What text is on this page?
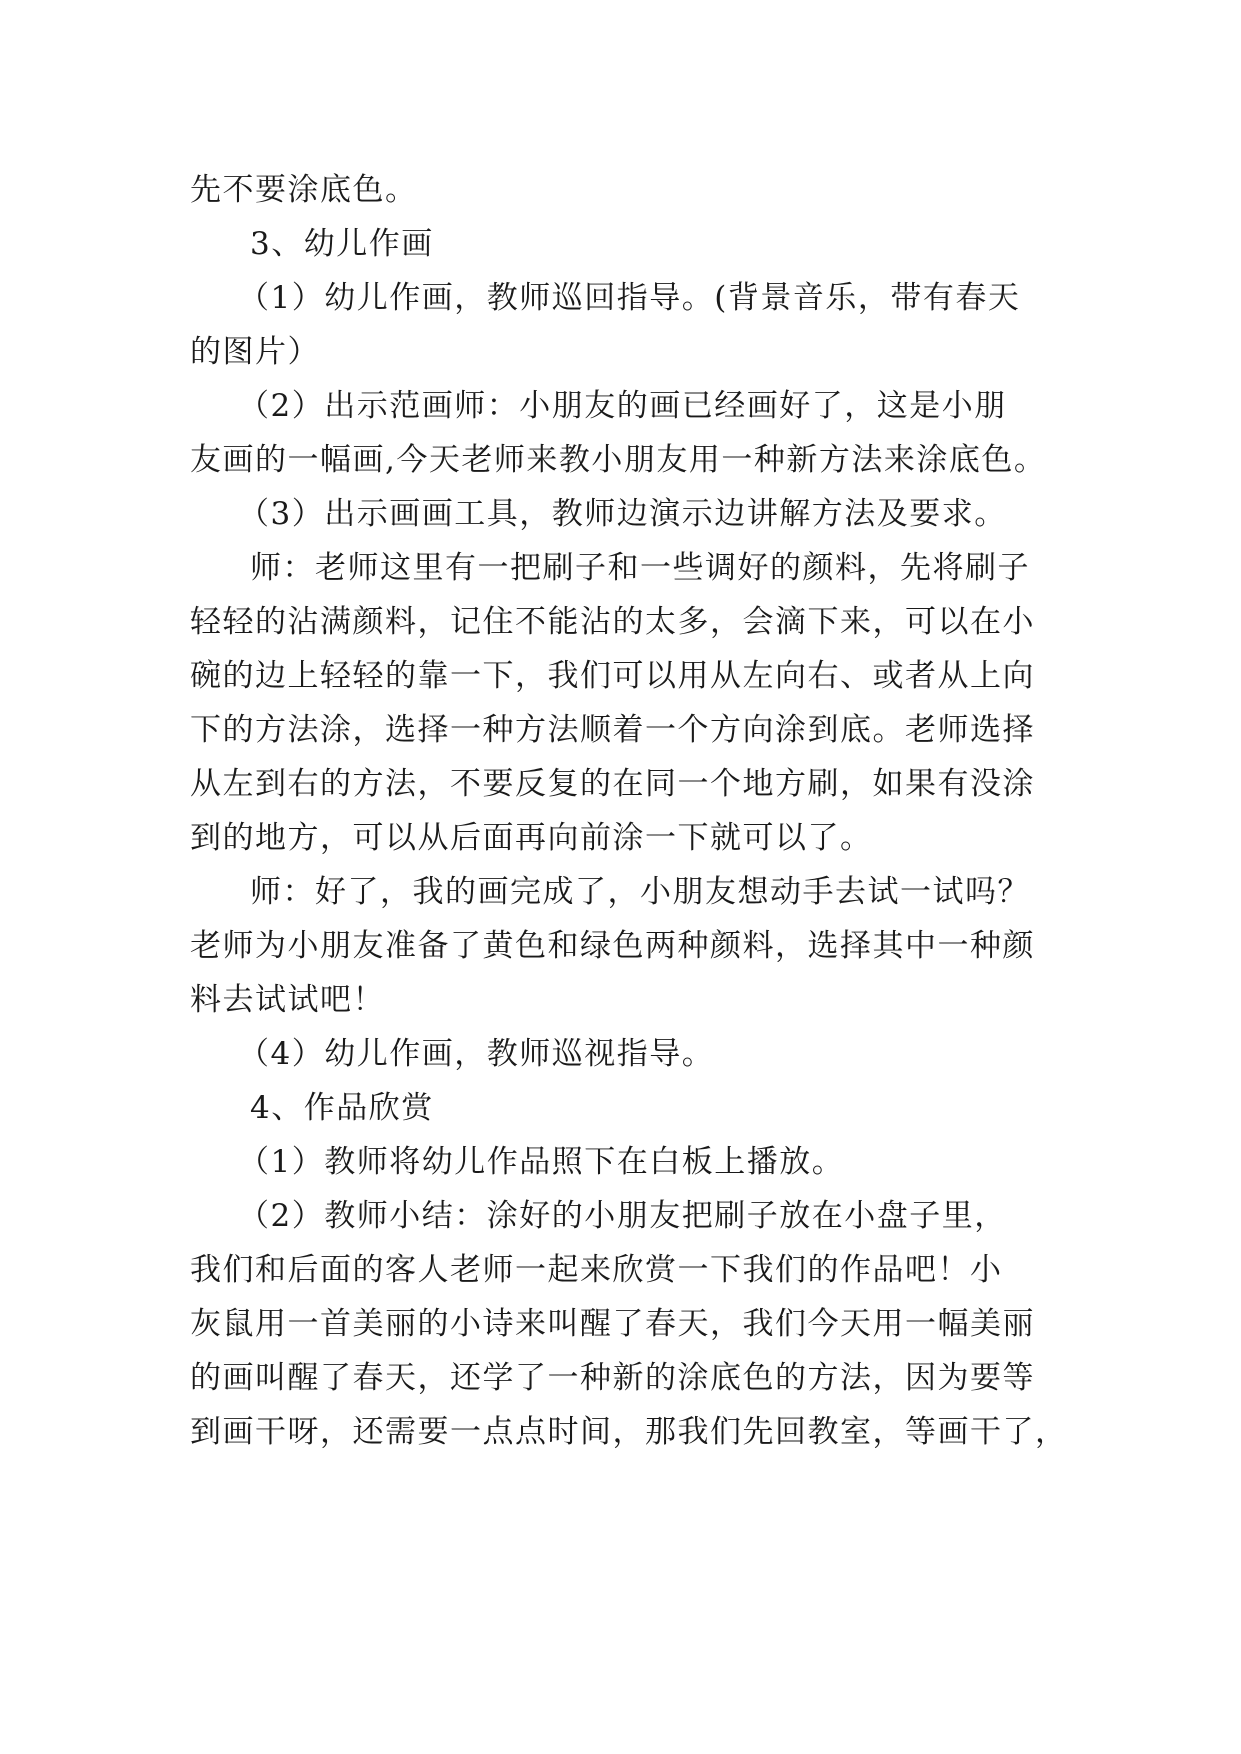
先不要涂底色。
3、幼儿作画
（1）幼儿作画，教师巡回指导。(背景音乐，带有春天
的图片）
（2）出示范画师：小朋友的画已经画好了，这是小朋
友画的一幅画,今天老师来教小朋友用一种新方法来涂底色。
（3）出示画画工具，教师边演示边讲解方法及要求。
师：老师这里有一把刷子和一些调好的颜料，先将刷子
轻轻的沾满颜料，记住不能沾的太多，会滴下来，可以在小
碗的边上轻轻的靠一下，我们可以用从左向右、或者从上向
下的方法涂，选择一种方法顺着一个方向涂到底。老师选择
从左到右的方法，不要反复的在同一个地方刷，如果有没涂
到的地方，可以从后面再向前涂一下就可以了。
师：好了，我的画完成了，小朋友想动手去试一试吗？
老师为小朋友准备了黄色和绿色两种颜料，选择其中一种颜
料去试试吧！
（4）幼儿作画，教师巡视指导。
4、作品欣赏
（1）教师将幼儿作品照下在白板上播放。
（2）教师小结：涂好的小朋友把刷子放在小盘子里，
我们和后面的客人老师一起来欣赏一下我们的作品吧！小
灰鼠用一首美丽的小诗来叫醒了春天，我们今天用一幅美丽
的画叫醒了春天，还学了一种新的涂底色的方法，因为要等
到画干呀，还需要一点点时间，那我们先回教室，等画干了，
